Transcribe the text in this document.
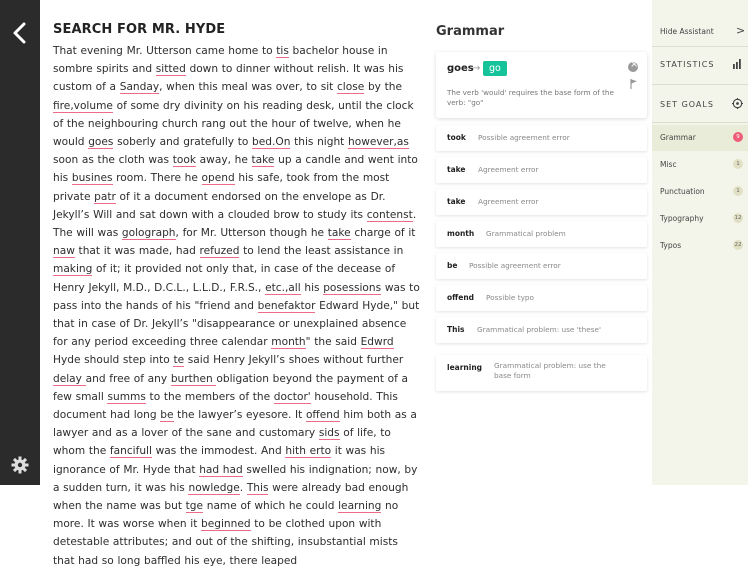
SEARCH FOR MR. HYDE

That evening Mr. Utterson came home to tis bachelor house in sombre spirits and sitted down to dinner without relish. It was his custom of a Sanday, when this meal was over, to sit close by the fire,volume of some dry divinity on his reading desk, until the clock of the neighbouring church rang out the hour of twelve, when he would goes soberly and gratefully to bed.On this night however,as soon as the cloth was took away, he take up a candle and went into his busines room. There he opend his safe, took from the most private patr of it a document endorsed on the envelope as Dr. Jekyll’s Will and sat down with a clouded brow to study its contenst. The will was golograph, for Mr. Utterson though he take charge of it naw that it was made, had refuzed to lend the least assistance in making of it; it provided not only that, in case of the decease of Henry Jekyll, M.D., D.C.L., L.L.D., F.R.S., etc.,all his posessions was to pass into the hands of his "friend and benefaktor Edward Hyde," but that in case of Dr. Jekyll’s "disappearance or unexplained absence for any period exceeding three calendar month" the said Edwrd Hyde should step into te said Henry Jekyll’s shoes without further delay and free of any burthen obligation beyond the payment of a few small summs to the members of the doctor' household. This document had long be the lawyer’s eyesore. It offend him both as a lawyer and as a lover of the sane and customary sids of life, to whom the fancifull was the immodest. And hith erto it was his ignorance of Mr. Hyde that had had swelled his indignation; now, by a sudden turn, it was his nowledge. This were already bad enough when the name was but tge name of which he could learning no more. It was worse when it beginned to be clothed upon with detestable attributes; and out of the shifting, insubstantial mists that had so long baffled his eye, there leaped

Grammar
goes
→ go
×
The verb 'would' requires the base form of the verb: "go"
took Possible agreement error
take Agreement error
take Agreement error
month Grammatical problem
be Possible agreement error
offend Possible typo
This Grammatical problem: use 'these'
learning Grammatical problem: use the base form
Hide Assistant	>
STATISTICS
SET GOALS
Grammar	9
Misc	1
Punctuation	1
Typography	12
Typos	22
